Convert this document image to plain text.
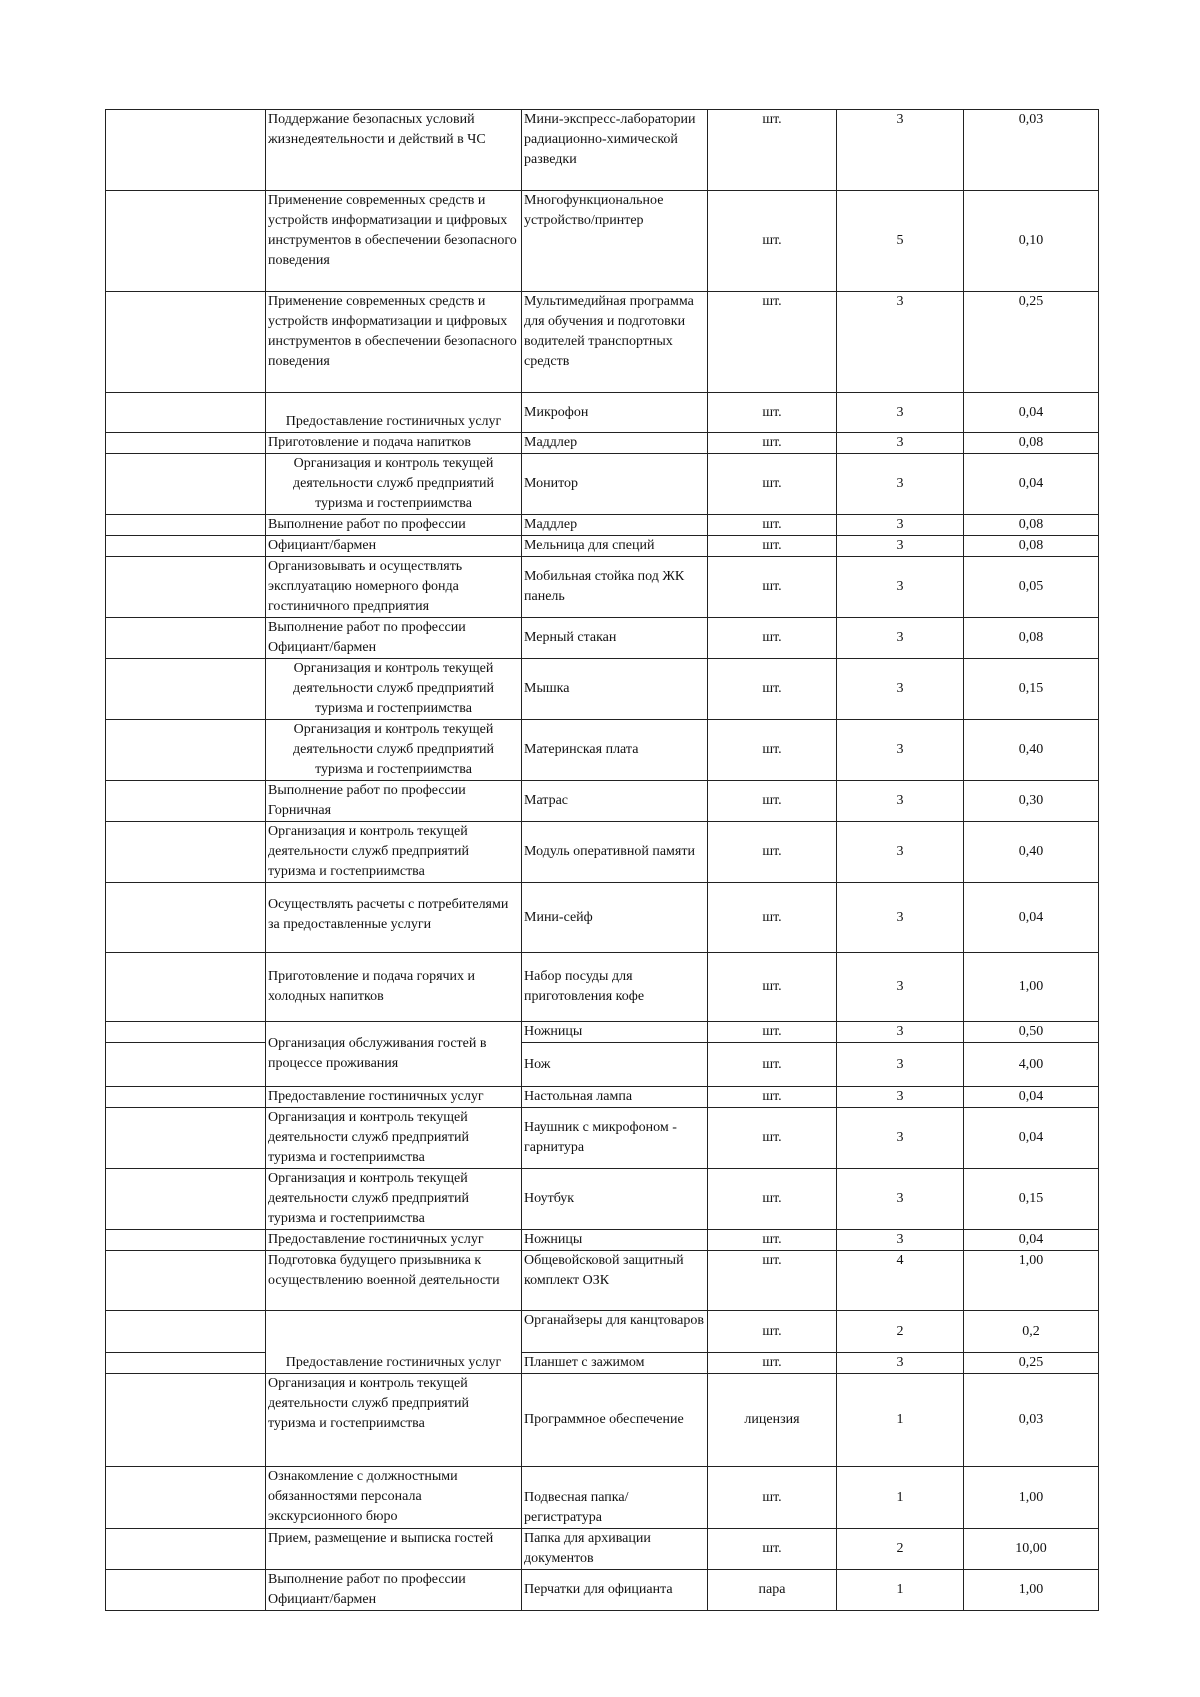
	Поддержание безопасных условий жизнедеятельности и действий в ЧС	Мини-экспресс-лаборатории радиационно-химической разведки	шт.	3	0,03
	Применение современных средств и устройств информатизации и цифровых инструментов в обеспечении безопасного поведения	Многофункциональное устройство/принтер	шт.	5	0,10
	Применение современных средств и устройств информатизации и цифровых инструментов в обеспечении безопасного поведения	Мультимедийная программа для обучения и подготовки водителей транспортных средств	шт.	3	0,25
	Предоставление гостиничных услуг	Микрофон	шт.	3	0,04
	Приготовление и подача напитков	Маддлер	шт.	3	0,08
	Организация и контроль текущей деятельности служб предприятий туризма и гостеприимства	Монитор	шт.	3	0,04
	Выполнение работ по профессии	Маддлер	шт.	3	0,08
	Официант/бармен	Мельница для специй	шт.	3	0,08
	Организовывать и осуществлять эксплуатацию номерного фонда гостиничного предприятия	Мобильная стойка под ЖК панель	шт.	3	0,05
	Выполнение работ по профессии Официант/бармен	Мерный стакан	шт.	3	0,08
	Организация и контроль текущей деятельности служб предприятий туризма и гостеприимства	Мышка	шт.	3	0,15
	Организация и контроль текущей деятельности служб предприятий туризма и гостеприимства	Материнская плата	шт.	3	0,40
	Выполнение работ по профессии Горничная	Матрас	шт.	3	0,30
	Организация и контроль текущей деятельности служб предприятий туризма и гостеприимства	Модуль оперативной памяти	шт.	3	0,40
	Осуществлять расчеты с потребителями за предоставленные услуги	Мини-сейф	шт.	3	0,04
	Приготовление и подача горячих и холодных напитков	Набор посуды для приготовления кофе	шт.	3	1,00
	Организация обслуживания гостей в процессе проживания	Ножницы	шт.	3	0,50
		Нож	шт.	3	4,00
	Предоставление гостиничных услуг	Настольная лампа	шт.	3	0,04
	Организация и контроль текущей деятельности служб предприятий туризма и гостеприимства	Наушник с микрофоном - гарнитура	шт.	3	0,04
	Организация и контроль текущей деятельности служб предприятий туризма и гостеприимства	Ноутбук	шт.	3	0,15
	Предоставление гостиничных услуг	Ножницы	шт.	3	0,04
	Подготовка будущего призывника к осуществлению военной деятельности	Общевойсковой защитный комплект ОЗК	шт.	4	1,00
	Предоставление гостиничных услуг	Органайзеры для канцтоваров	шт.	2	0,2
		Планшет с зажимом	шт.	3	0,25
	Организация и контроль текущей деятельности служб предприятий туризма и гостеприимства	Программное обеспечение	лицензия	1	0,03
	Ознакомление с должностными обязанностями персонала экскурсионного бюро	Подвесная папка/регистратура	шт.	1	1,00
	Прием, размещение и выписка гостей	Папка для архивации документов	шт.	2	10,00
	Выполнение работ по профессии Официант/бармен	Перчатки для официанта	пара	1	1,00
